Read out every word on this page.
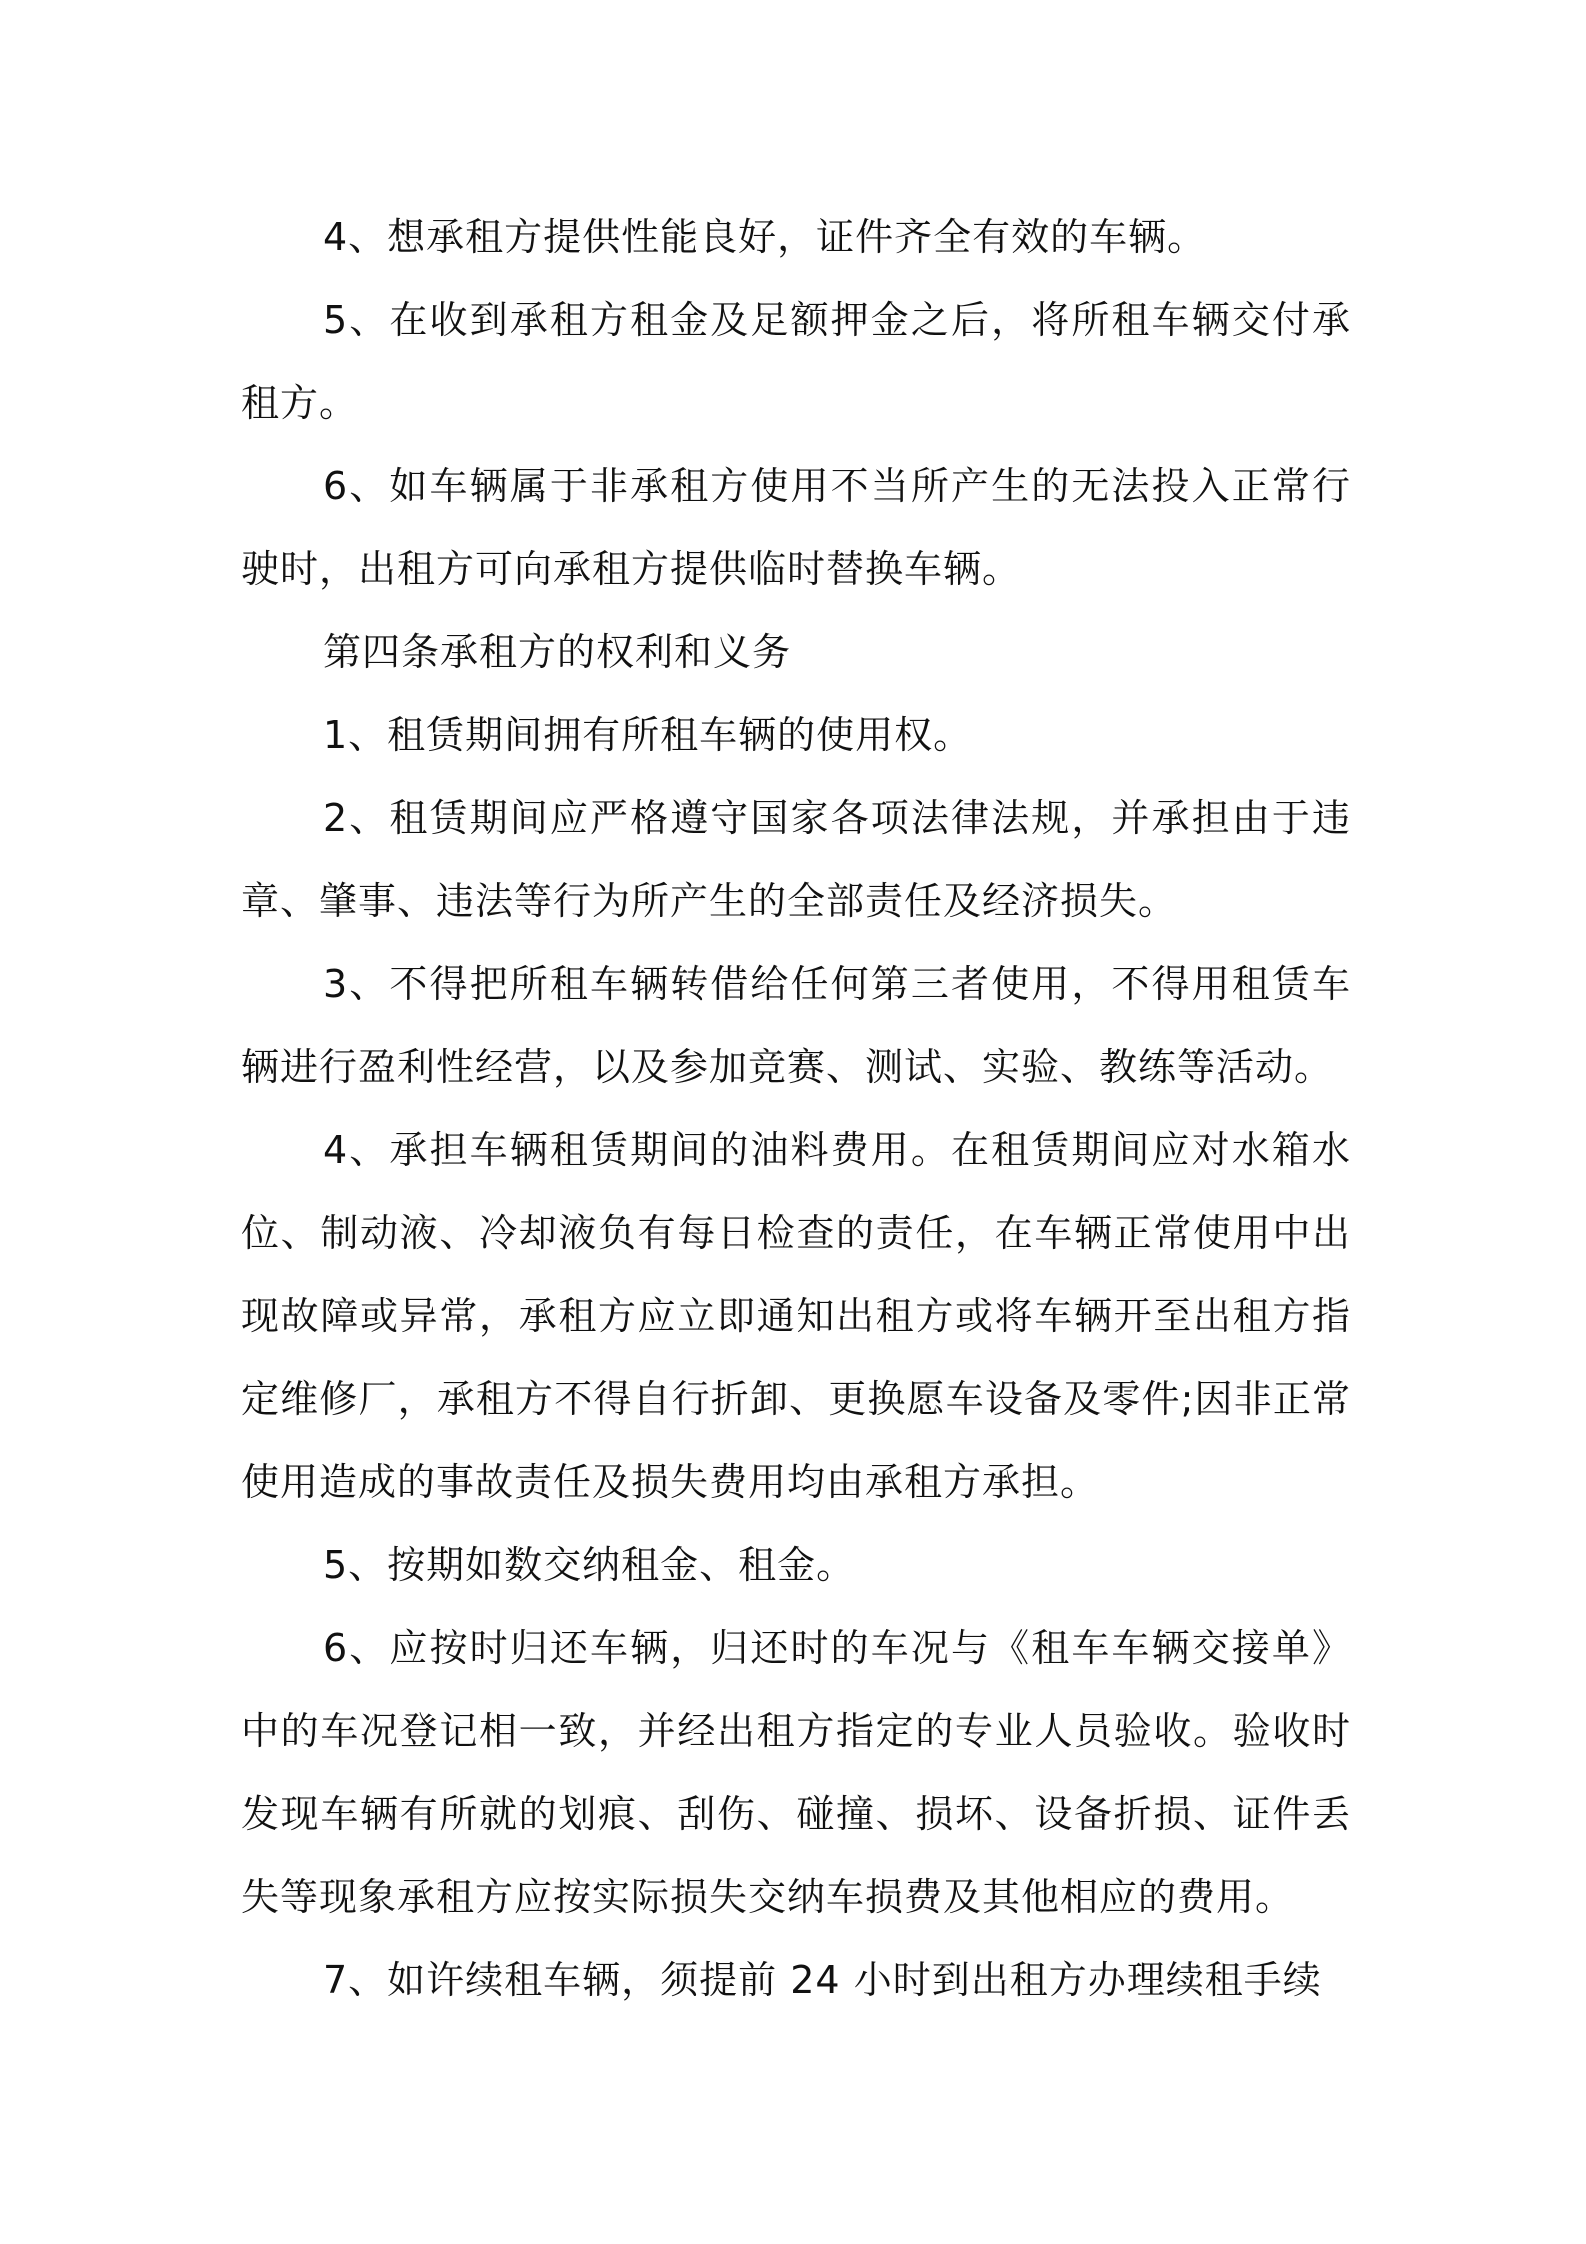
4、想承租方提供性能良好，证件齐全有效的车辆。

5、在收到承租方租金及足额押金之后，将所租车辆交付承租方。

6、如车辆属于非承租方使用不当所产生的无法投入正常行驶时，出租方可向承租方提供临时替换车辆。

第四条承租方的权利和义务

1、租赁期间拥有所租车辆的使用权。

2、租赁期间应严格遵守国家各项法律法规，并承担由于违章、肇事、违法等行为所产生的全部责任及经济损失。

3、不得把所租车辆转借给任何第三者使用，不得用租赁车辆进行盈利性经营，以及参加竞赛、测试、实验、教练等活动。

4、承担车辆租赁期间的油料费用。在租赁期间应对水箱水位、制动液、冷却液负有每日检查的责任，在车辆正常使用中出现故障或异常，承租方应立即通知出租方或将车辆开至出租方指定维修厂，承租方不得自行折卸、更换愿车设备及零件;因非正常使用造成的事故责任及损失费用均由承租方承担。

5、按期如数交纳租金、租金。

6、应按时归还车辆，归还时的车况与《租车车辆交接单》中的车况登记相一致，并经出租方指定的专业人员验收。验收时发现车辆有所就的划痕、刮伤、碰撞、损坏、设备折损、证件丢失等现象承租方应按实际损失交纳车损费及其他相应的费用。

7、如许续租车辆，须提前 24 小时到出租方办理续租手续
